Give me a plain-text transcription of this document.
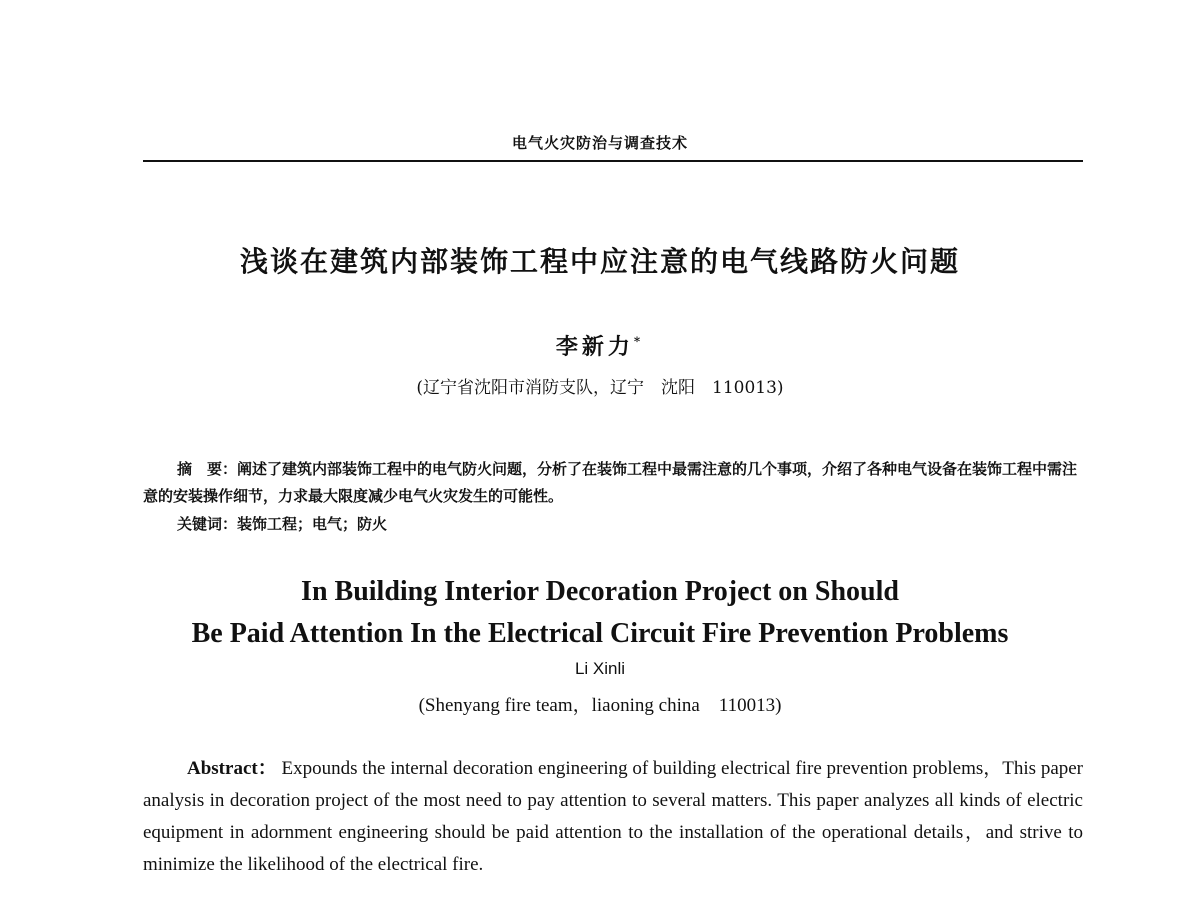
电气火灾防治与调查技术
浅谈在建筑内部装饰工程中应注意的电气线路防火问题
李新力*
(辽宁省沈阳市消防支队，辽宁　沈阳　110013)
摘　要：阐述了建筑内部装饰工程中的电气防火问题，分析了在装饰工程中最需注意的几个事项，介绍了各种电气设备在装饰工程中需注意的安装操作细节，力求最大限度减少电气火灾发生的可能性。
关键词：装饰工程；电气；防火
In Building Interior Decoration Project on Should
Be Paid Attention In the Electrical Circuit Fire Prevention Problems
Li Xinli
(Shenyang fire team，liaoning china　110013)
Abstract： Expounds the internal decoration engineering of building electrical fire prevention problems，This paper analysis in decoration project of the most need to pay attention to several matters. This paper analyzes all kinds of electric equipment in adornment engineering should be paid attention to the installation of the operational details，and strive to minimize the likelihood of the electrical fire.
